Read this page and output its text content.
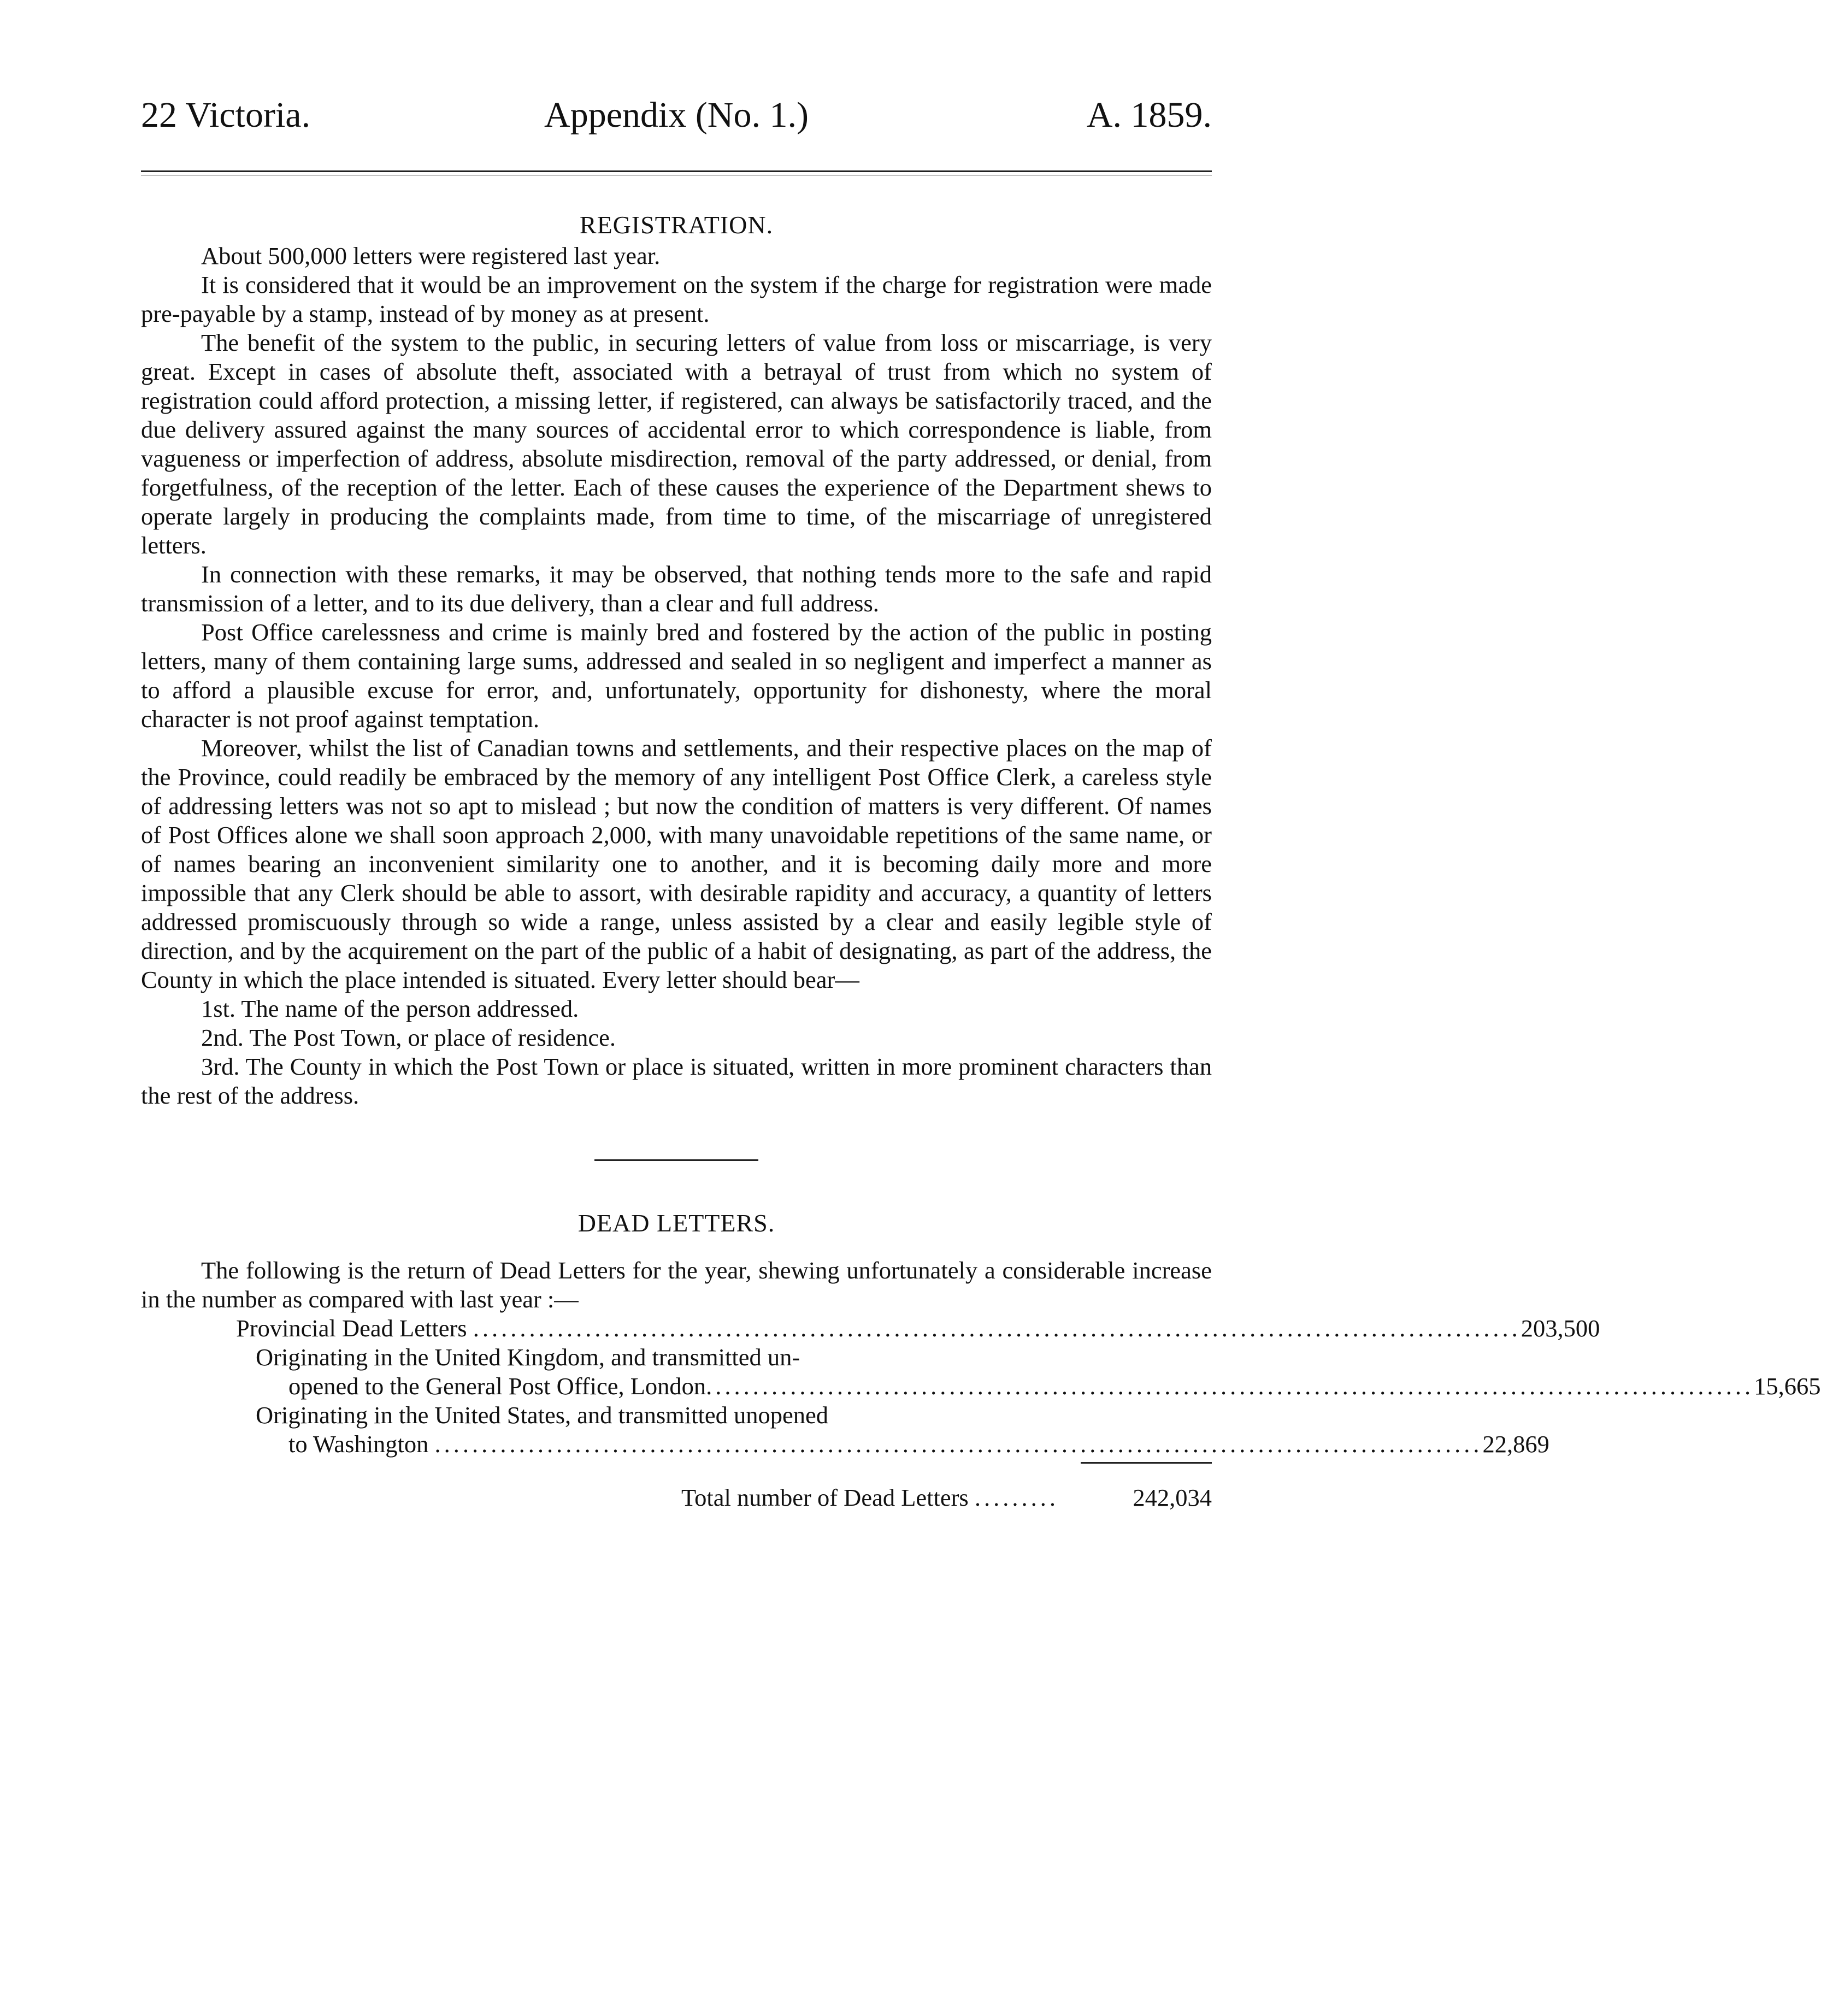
22 Victoria.	Appendix (No. 1.)	A. 1859.
REGISTRATION.

About 500,000 letters were registered last year.

It is considered that it would be an improvement on the system if the charge for registration were made pre-payable by a stamp, instead of by money as at present.

The benefit of the system to the public, in securing letters of value from loss or miscarriage, is very great. Except in cases of absolute theft, associated with a betrayal of trust from which no system of registration could afford protection, a missing letter, if registered, can always be satisfactorily traced, and the due delivery assured against the many sources of accidental error to which correspondence is liable, from vagueness or imperfection of address, absolute misdirection, removal of the party addressed, or denial, from forgetfulness, of the reception of the letter. Each of these causes the experience of the Department shews to operate largely in producing the complaints made, from time to time, of the miscarriage of unregistered letters.

In connection with these remarks, it may be observed, that nothing tends more to the safe and rapid transmission of a letter, and to its due delivery, than a clear and full address.

Post Office carelessness and crime is mainly bred and fostered by the action of the public in posting letters, many of them containing large sums, addressed and sealed in so negligent and imperfect a manner as to afford a plausible excuse for error, and, unfortunately, opportunity for dishonesty, where the moral character is not proof against temptation.

Moreover, whilst the list of Canadian towns and settlements, and their respective places on the map of the Province, could readily be embraced by the memory of any intelligent Post Office Clerk, a careless style of addressing letters was not so apt to mislead ; but now the condition of matters is very different. Of names of Post Offices alone we shall soon approach 2,000, with many unavoidable repetitions of the same name, or of names bearing an inconvenient similarity one to another, and it is becoming daily more and more impossible that any Clerk should be able to assort, with desirable rapidity and accuracy, a quantity of letters addressed promiscuously through so wide a range, unless assisted by a clear and easily legible style of direction, and by the acquirement on the part of the public of a habit of designating, as part of the address, the County in which the place intended is situated. Every letter should bear—

1st. The name of the person addressed.

2nd. The Post Town, or place of residence.

3rd. The County in which the Post Town or place is situated, written in more prominent characters than the rest of the address.

DEAD LETTERS.

The following is the return of Dead Letters for the year, shewing unfortunately a considerable increase in the number as compared with last year :—

Provincial Dead Letters ................................................................................................................ 203,500
Originating in the United Kingdom, and transmitted un-
opened to the General Post Office, London................................................................................................................ 15,665
Originating in the United States, and transmitted unopened
to Washington ................................................................................................................ 22,869
Total number of Dead Letters .........	242,034
